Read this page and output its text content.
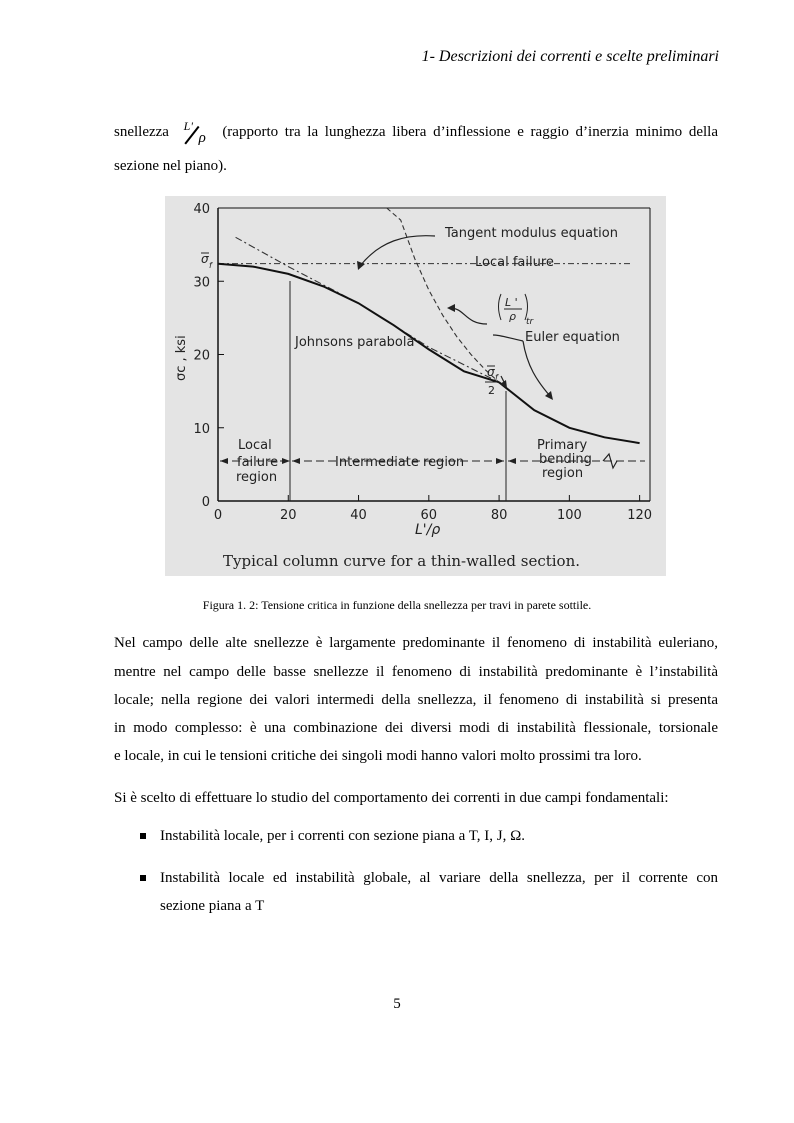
1- Descrizioni dei correnti e scelte preliminari
snellezza L'
ρ (rapporto tra la lunghezza libera d’inflessione e raggio d’inerzia minimo della
sezione nel piano).
0
10
20
30
40
0	20	40	60	80	100	120
Tangent modulus equation
Local failure
Johnsons parabola	Euler equation
L '
ρ tr
σ f
σ f
2
Local
failure
region
Intermediate region
Primary
bending
region
σc , ksi
L'/ρ
Typical column curve for a thin-walled section.
Figura 1. 2: Tensione critica in funzione della snellezza per travi in parete sottile.
Nel campo delle alte snellezze è largamente predominante il fenomeno di instabilità euleriano,
mentre nel campo delle basse snellezze il fenomeno di instabilità predominante è l’instabilità
locale; nella regione dei valori intermedi della snellezza, il fenomeno di instabilità si presenta
in modo complesso: è una combinazione dei diversi modi di instabilità flessionale, torsionale
e locale, in cui le tensioni critiche dei singoli modi hanno valori molto prossimi tra loro.
Si è scelto di effettuare lo studio del comportamento dei correnti in due campi fondamentali:
Instabilità locale, per i correnti con sezione piana a T, I, J, Ω.
Instabilità locale ed instabilità globale, al variare della snellezza, per il corrente con
sezione piana a T
5
